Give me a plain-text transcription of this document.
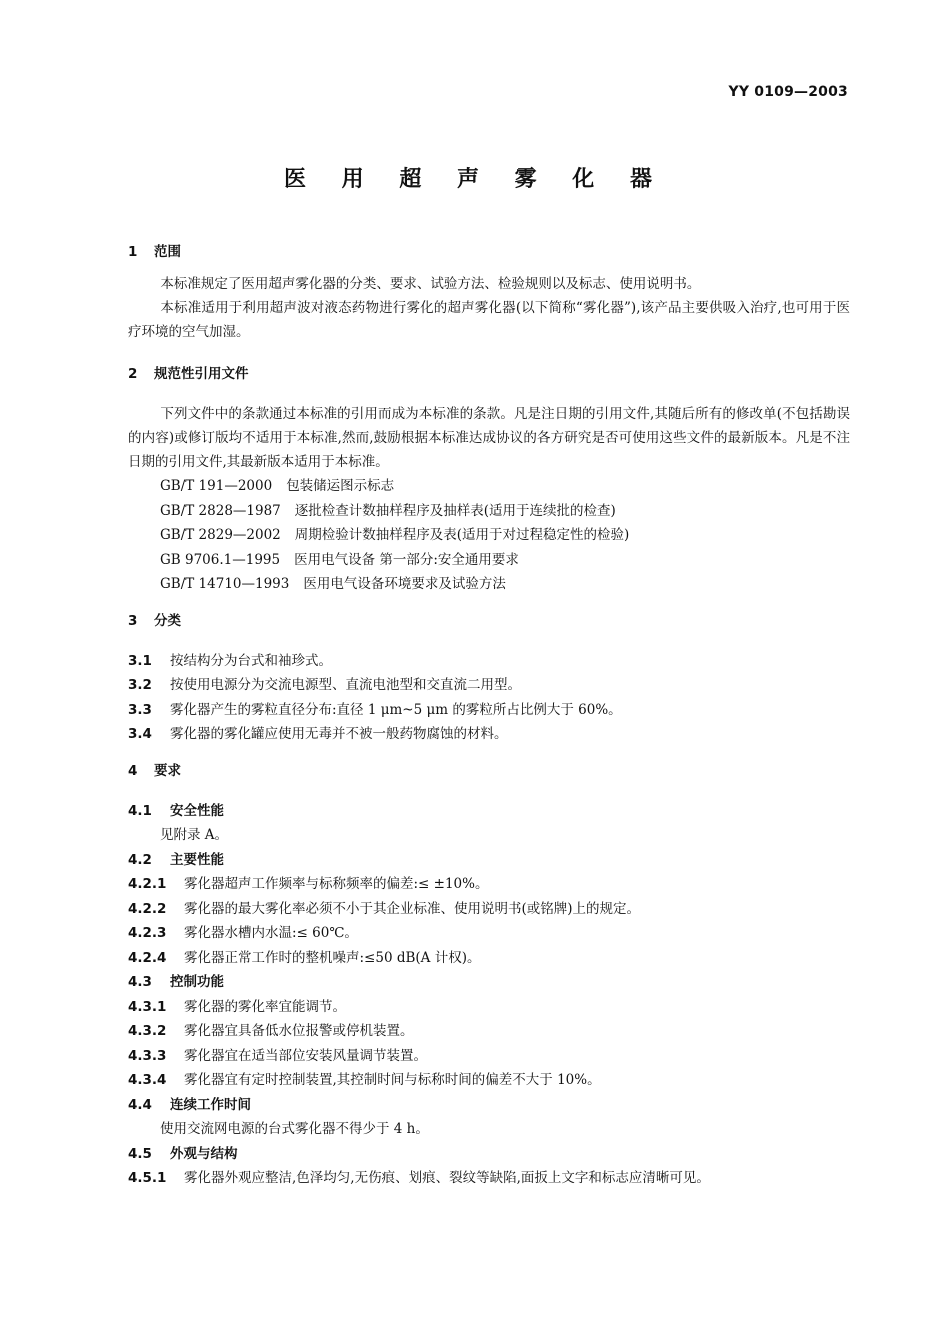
YY 0109—2003
医 用 超 声 雾 化 器
1 范围

本标准规定了医用超声雾化器的分类、要求、试验方法、检验规则以及标志、使用说明书。

本标准适用于利用超声波对液态药物进行雾化的超声雾化器(以下简称“雾化器”),该产品主要供吸入治疗,也可用于医疗环境的空气加湿。

2 规范性引用文件

下列文件中的条款通过本标准的引用而成为本标准的条款。凡是注日期的引用文件,其随后所有的修改单(不包括勘误的内容)或修订版均不适用于本标准,然而,鼓励根据本标准达成协议的各方研究是否可使用这些文件的最新版本。凡是不注日期的引用文件,其最新版本适用于本标准。

GB/T 191—2000 包装储运图示标志
GB/T 2828—1987 逐批检查计数抽样程序及抽样表(适用于连续批的检查)
GB/T 2829—2002 周期检验计数抽样程序及表(适用于对过程稳定性的检验)
GB 9706.1—1995 医用电气设备 第一部分:安全通用要求
GB/T 14710—1993 医用电气设备环境要求及试验方法
3 分类
3.1 按结构分为台式和袖珍式。
3.2 按使用电源分为交流电源型、直流电池型和交直流二用型。
3.3 雾化器产生的雾粒直径分布:直径 1 μm~5 μm 的雾粒所占比例大于 60%。
3.4 雾化器的雾化罐应使用无毒并不被一般药物腐蚀的材料。
4 要求
4.1 安全性能
见附录 A。
4.2 主要性能
4.2.1 雾化器超声工作频率与标称频率的偏差:≤ ±10%。
4.2.2 雾化器的最大雾化率必须不小于其企业标准、使用说明书(或铭牌)上的规定。
4.2.3 雾化器水槽内水温:≤ 60℃。
4.2.4 雾化器正常工作时的整机噪声:≤50 dB(A 计权)。
4.3 控制功能
4.3.1 雾化器的雾化率宜能调节。
4.3.2 雾化器宜具备低水位报警或停机装置。
4.3.3 雾化器宜在适当部位安装风量调节装置。
4.3.4 雾化器宜有定时控制装置,其控制时间与标称时间的偏差不大于 10%。
4.4 连续工作时间
使用交流网电源的台式雾化器不得少于 4 h。
4.5 外观与结构
4.5.1 雾化器外观应整洁,色泽均匀,无伤痕、划痕、裂纹等缺陷,面扳上文字和标志应清晰可见。
